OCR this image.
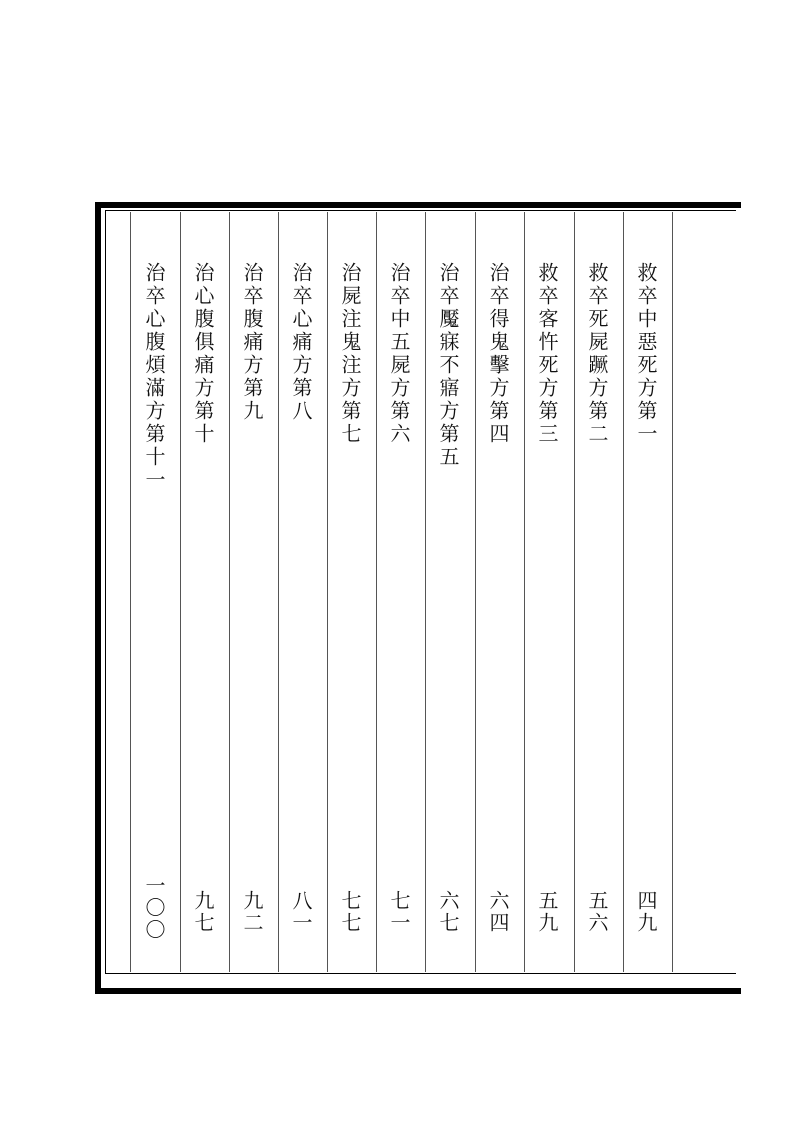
救卒中惡死方第一
四九
救卒死屍蹶方第二
五六
救卒客忤死方第三
五九
治卒得鬼擊方第四
六四
治卒魘寐不寤方第五
六七
治卒中五屍方第六
七一
治屍注鬼注方第七
七七
治卒心痛方第八
八一
治卒腹痛方第九
九二
治心腹俱痛方第十
九七
治卒心腹煩滿方第十一
一〇〇
